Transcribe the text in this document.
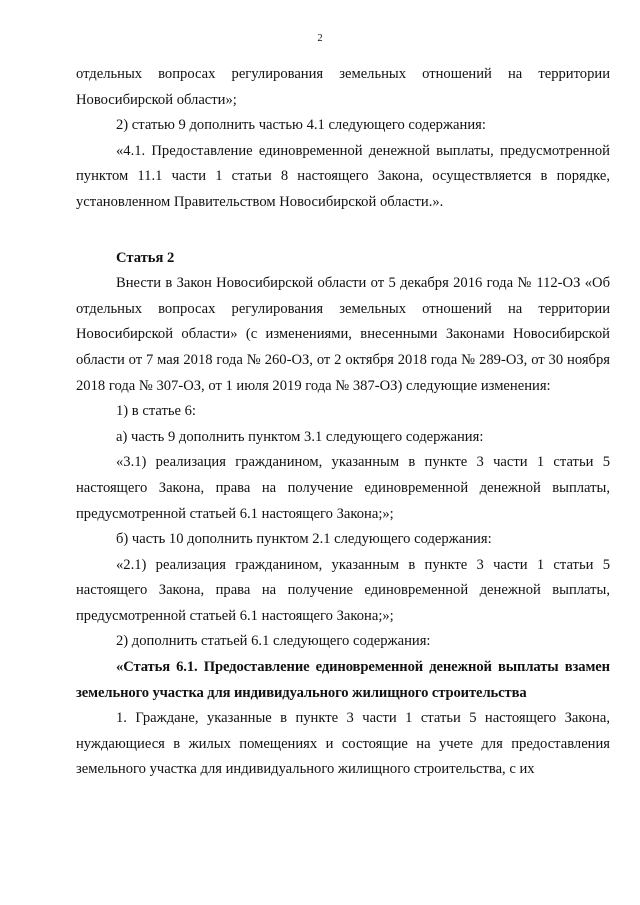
2

отдельных вопросах регулирования земельных отношений на территории Новосибирской области»;

2) статью 9 дополнить частью 4.1 следующего содержания:

«4.1. Предоставление единовременной денежной выплаты, предусмотренной пунктом 11.1 части 1 статьи 8 настоящего Закона, осуществляется в порядке, установленном Правительством Новосибирской области.».

Статья 2

Внести в Закон Новосибирской области от 5 декабря 2016 года № 112-ОЗ «Об отдельных вопросах регулирования земельных отношений на территории Новосибирской области» (с изменениями, внесенными Законами Новосибирской области от 7 мая 2018 года № 260-ОЗ, от 2 октября 2018 года № 289-ОЗ, от 30 ноября 2018 года № 307-ОЗ, от 1 июля 2019 года № 387-ОЗ) следующие изменения:

1) в статье 6:

а) часть 9 дополнить пунктом 3.1 следующего содержания:

«3.1) реализация гражданином, указанным в пункте 3 части 1 статьи 5 настоящего Закона, права на получение единовременной денежной выплаты, предусмотренной статьей 6.1 настоящего Закона;»;

б) часть 10 дополнить пунктом 2.1 следующего содержания:

«2.1) реализация гражданином, указанным в пункте 3 части 1 статьи 5 настоящего Закона, права на получение единовременной денежной выплаты, предусмотренной статьей 6.1 настоящего Закона;»;

2) дополнить статьей 6.1 следующего содержания:

«Статья 6.1. Предоставление единовременной денежной выплаты взамен земельного участка для индивидуального жилищного строительства

1. Граждане, указанные в пункте 3 части 1 статьи 5 настоящего Закона, нуждающиеся в жилых помещениях и состоящие на учете для предоставления земельного участка для индивидуального жилищного строительства, с их
